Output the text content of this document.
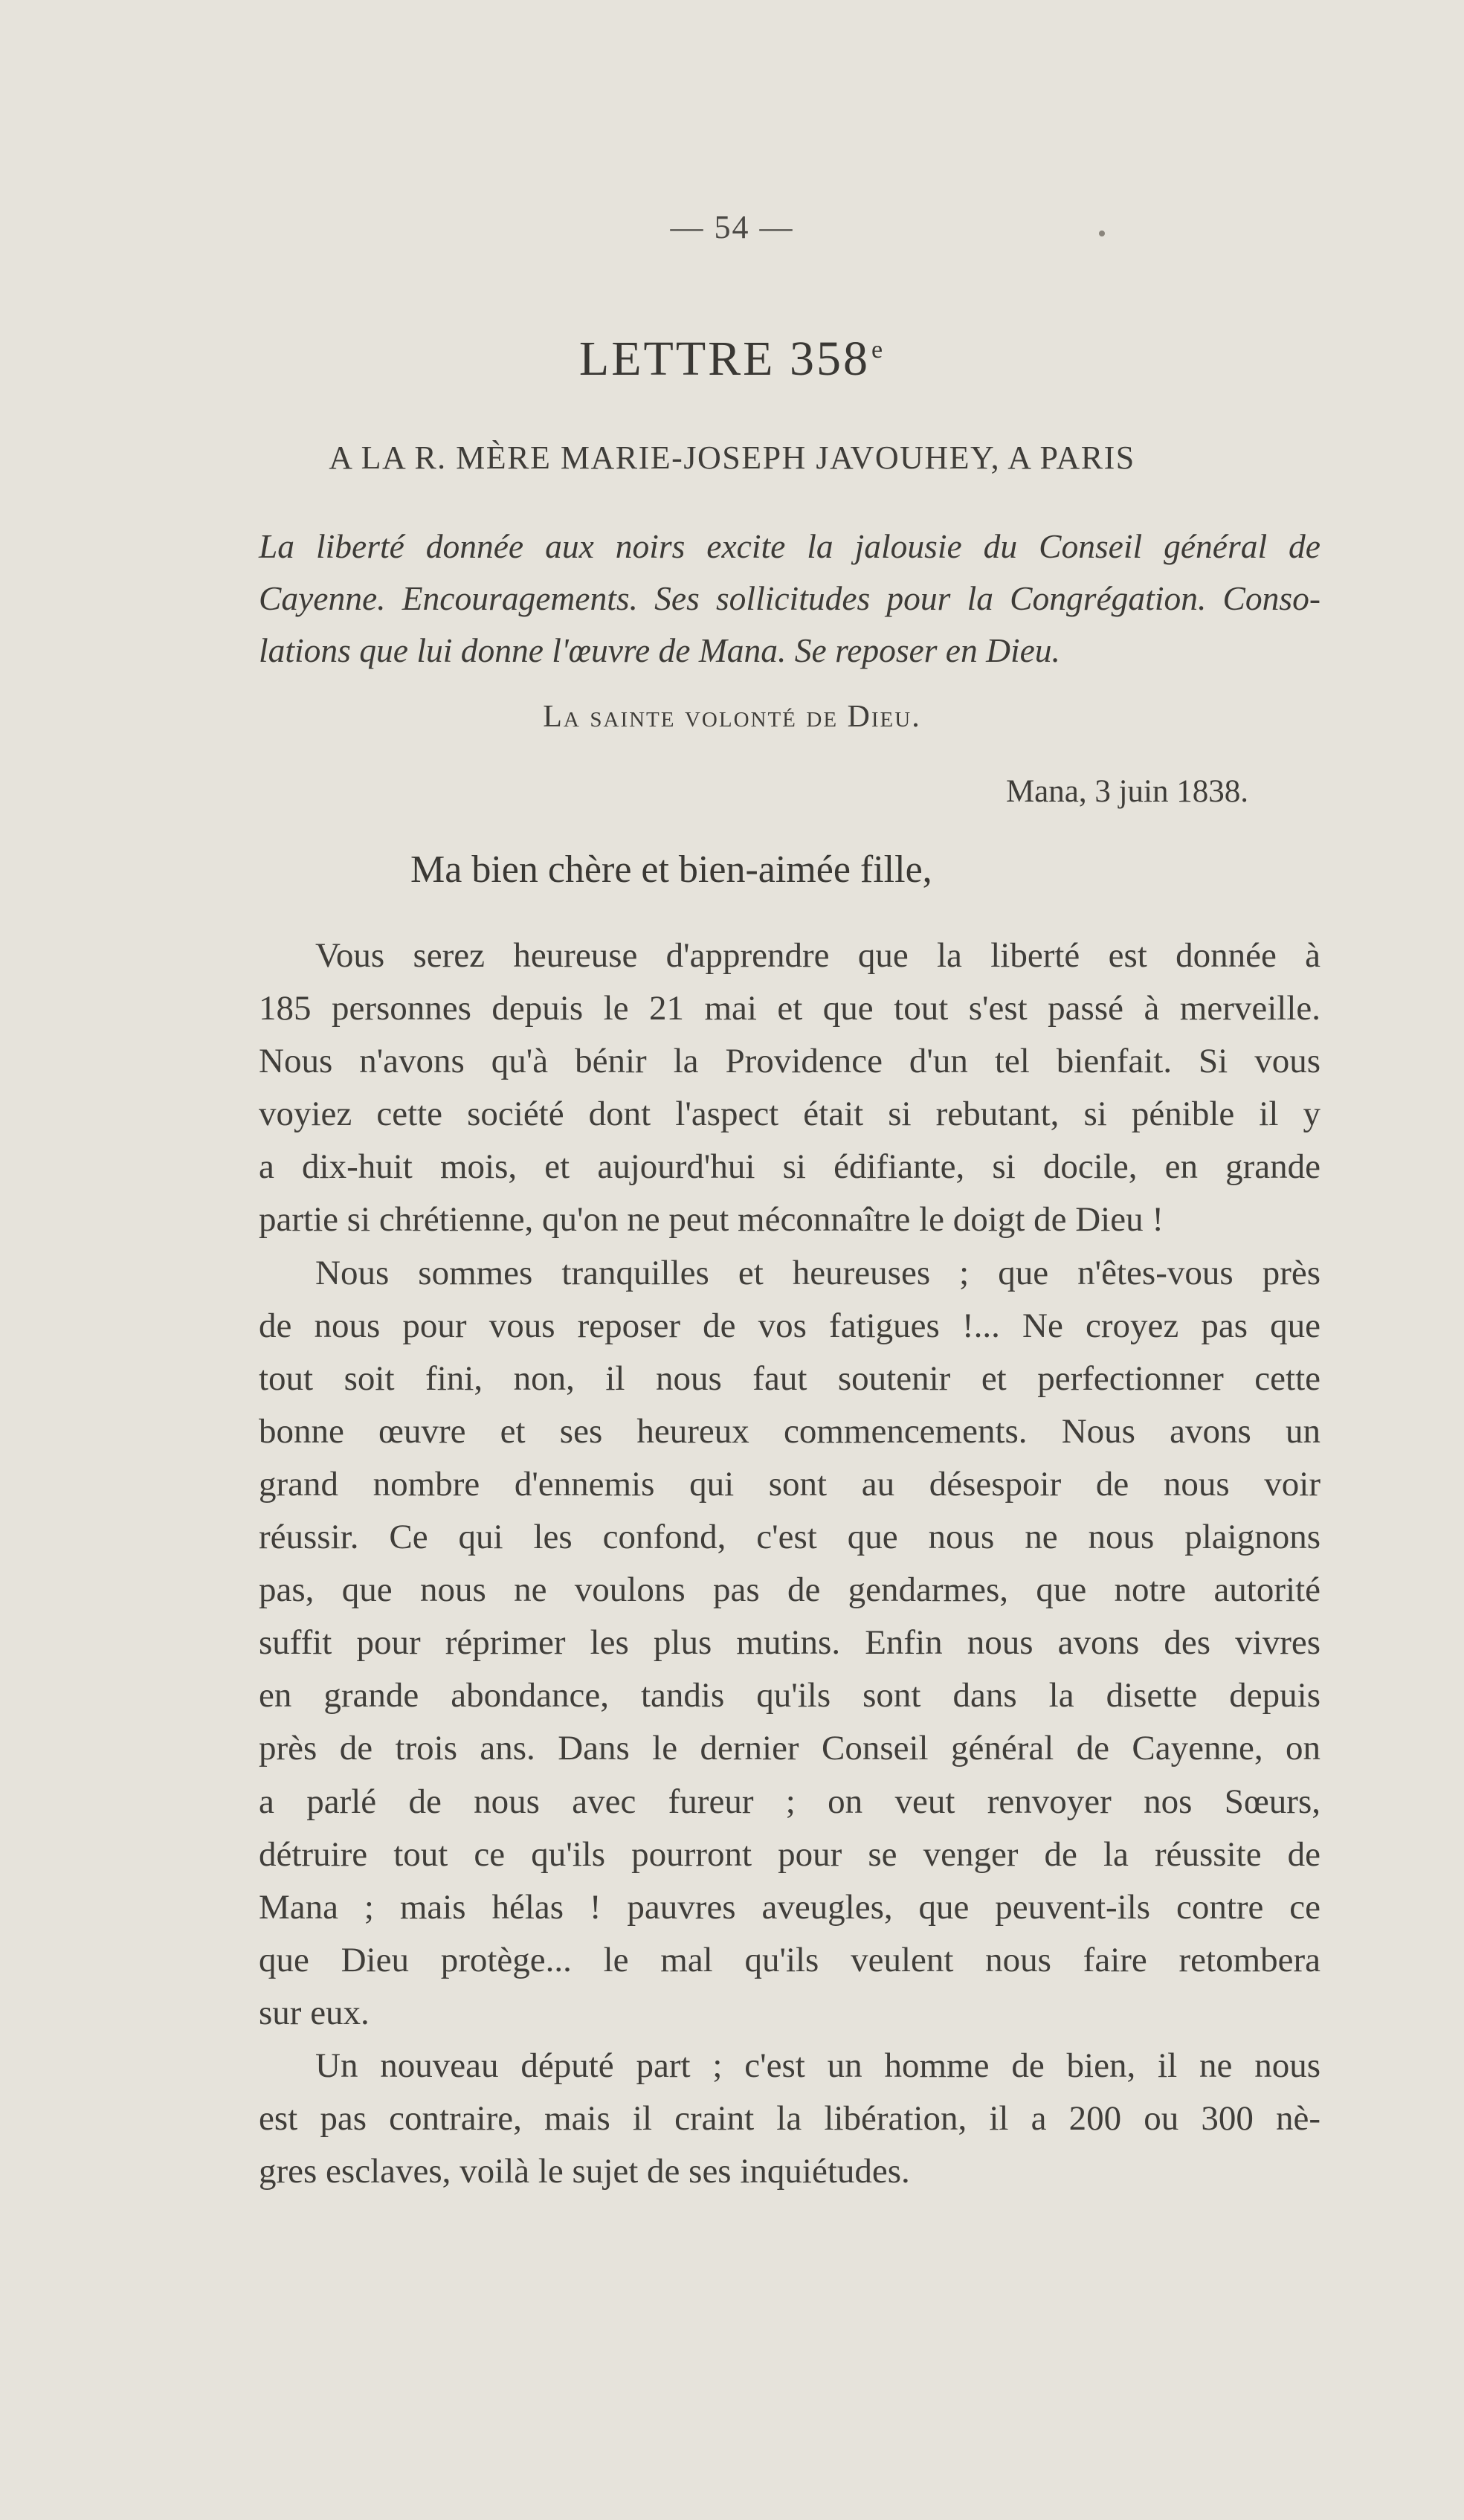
— 54 —
LETTRE 358e
A LA R. MÈRE MARIE-JOSEPH JAVOUHEY, A PARIS
La liberté donnée aux noirs excite la jalousie du Conseil général de
Cayenne. Encouragements. Ses sollicitudes pour la Congrégation. Conso-
lations que lui donne l'œuvre de Mana. Se reposer en Dieu.
La sainte volonté de Dieu.
Mana, 3 juin 1838.
Ma bien chère et bien-aimée fille,
Vous serez heureuse d'apprendre que la liberté est donnée à
185 personnes depuis le 21 mai et que tout s'est passé à merveille.
Nous n'avons qu'à bénir la Providence d'un tel bienfait. Si vous
voyiez cette société dont l'aspect était si rebutant, si pénible il y
a dix-huit mois, et aujourd'hui si édifiante, si docile, en grande
partie si chrétienne, qu'on ne peut méconnaître le doigt de Dieu !
Nous sommes tranquilles et heureuses ; que n'êtes-vous près
de nous pour vous reposer de vos fatigues !... Ne croyez pas que
tout soit fini, non, il nous faut soutenir et perfectionner cette
bonne œuvre et ses heureux commencements. Nous avons un
grand nombre d'ennemis qui sont au désespoir de nous voir
réussir. Ce qui les confond, c'est que nous ne nous plaignons
pas, que nous ne voulons pas de gendarmes, que notre autorité
suffit pour réprimer les plus mutins. Enfin nous avons des vivres
en grande abondance, tandis qu'ils sont dans la disette depuis
près de trois ans. Dans le dernier Conseil général de Cayenne, on
a parlé de nous avec fureur ; on veut renvoyer nos Sœurs,
détruire tout ce qu'ils pourront pour se venger de la réussite de
Mana ; mais hélas ! pauvres aveugles, que peuvent-ils contre ce
que Dieu protège... le mal qu'ils veulent nous faire retombera
sur eux.
Un nouveau député part ; c'est un homme de bien, il ne nous
est pas contraire, mais il craint la libération, il a 200 ou 300 nè-
gres esclaves, voilà le sujet de ses inquiétudes.
